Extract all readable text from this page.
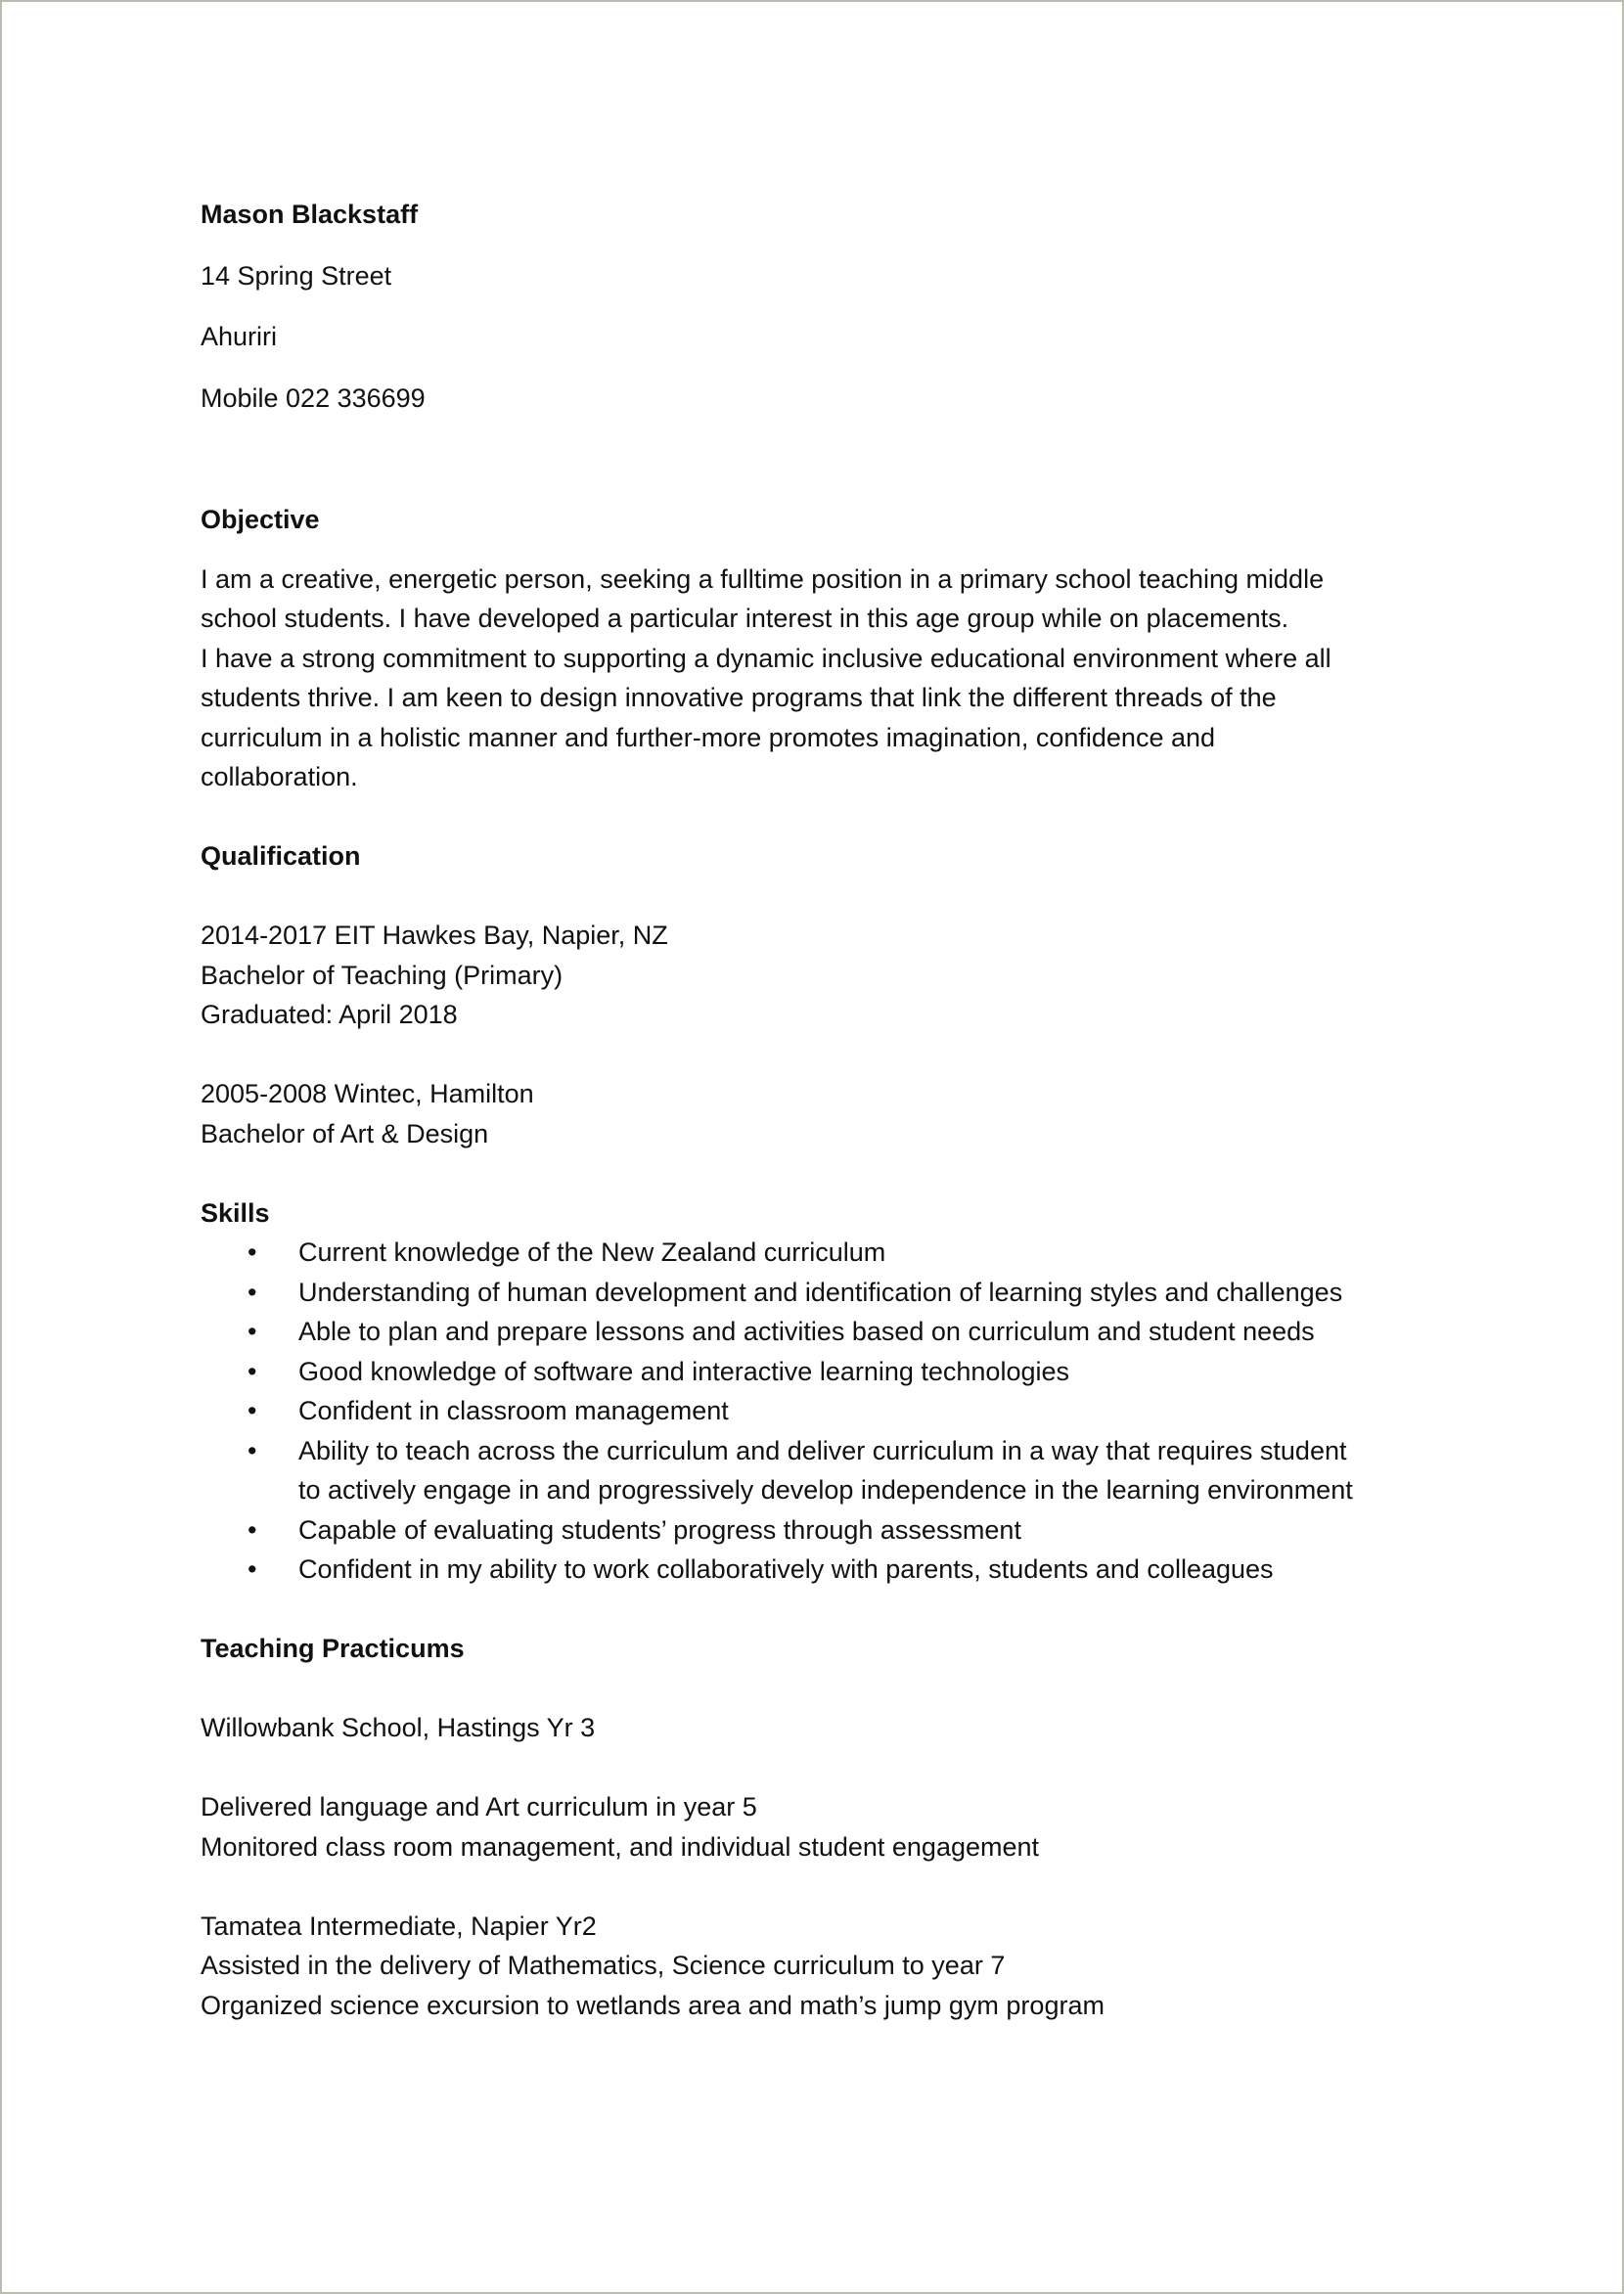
Mason Blackstaff
14 Spring Street
Ahuriri
Mobile 022 336699
Objective
I am a creative, energetic person, seeking a fulltime position in a primary school teaching middle
school students. I have developed a particular interest in this age group while on placements.
I have a strong commitment to supporting a dynamic inclusive educational environment where all
students thrive. I am keen to design innovative programs that link the different threads of the
curriculum in a holistic manner and further-more promotes imagination, confidence and
collaboration.
Qualification
2014-2017 EIT Hawkes Bay, Napier, NZ
Bachelor of Teaching (Primary)
Graduated: April 2018
2005-2008 Wintec, Hamilton
Bachelor of Art & Design
Skills
• Current knowledge of the New Zealand curriculum
• Understanding of human development and identification of learning styles and challenges
• Able to plan and prepare lessons and activities based on curriculum and student needs
• Good knowledge of software and interactive learning technologies
• Confident in classroom management
• Ability to teach across the curriculum and deliver curriculum in a way that requires student
to actively engage in and progressively develop independence in the learning environment
• Capable of evaluating students’ progress through assessment
• Confident in my ability to work collaboratively with parents, students and colleagues
Teaching Practicums
Willowbank School, Hastings Yr 3
Delivered language and Art curriculum in year 5
Monitored class room management, and individual student engagement
Tamatea Intermediate, Napier Yr2
Assisted in the delivery of Mathematics, Science curriculum to year 7
Organized science excursion to wetlands area and math’s jump gym program
